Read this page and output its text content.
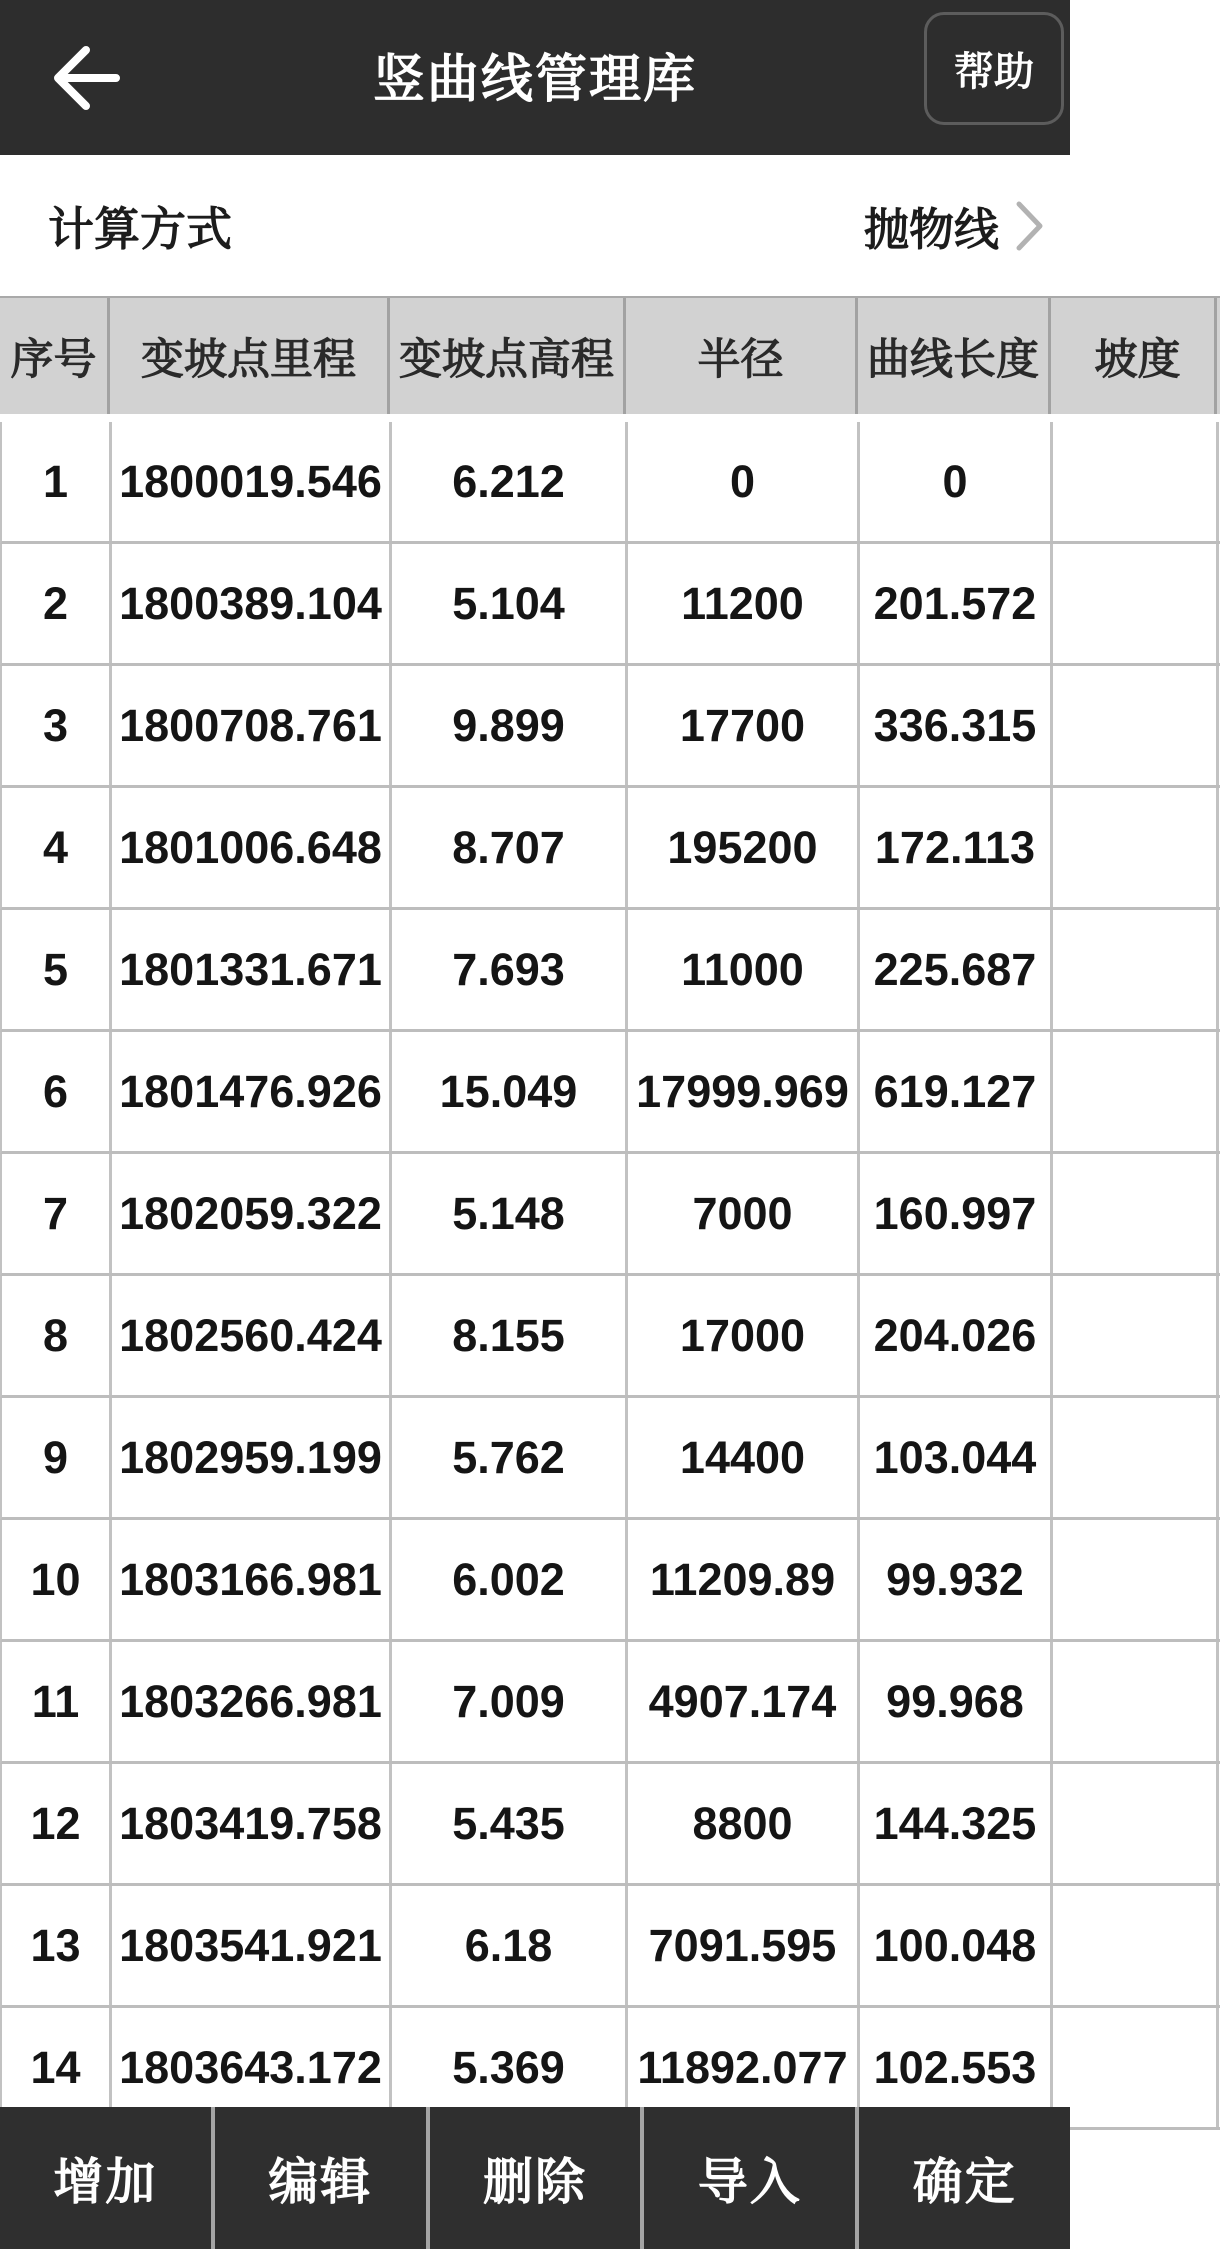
竖曲线管理库	帮助
计算方式	抛物线
序号	变坡点里程	变坡点高程	半径	曲线长度	坡度
1	1800019.546	6.212	0	0
2	1800389.104	5.104	11200	201.572
3	1800708.761	9.899	17700	336.315
4	1801006.648	8.707	195200	172.113
5	1801331.671	7.693	11000	225.687
6	1801476.926	15.049	17999.969 619.127
7	1802059.322	5.148	7000	160.997
8	1802560.424	8.155	17000	204.026
9	1802959.199	5.762	14400	103.044
10 1803166.981	6.002	11209.89	99.932
11 1803266.981	7.009	4907.174	99.968
12 1803419.758	5.435	8800	144.325
13 1803541.921	6.18	7091.595 100.048
14 1803643.172	5.369	11892.077 102.553
增加	编辑	删除	导入	确定
